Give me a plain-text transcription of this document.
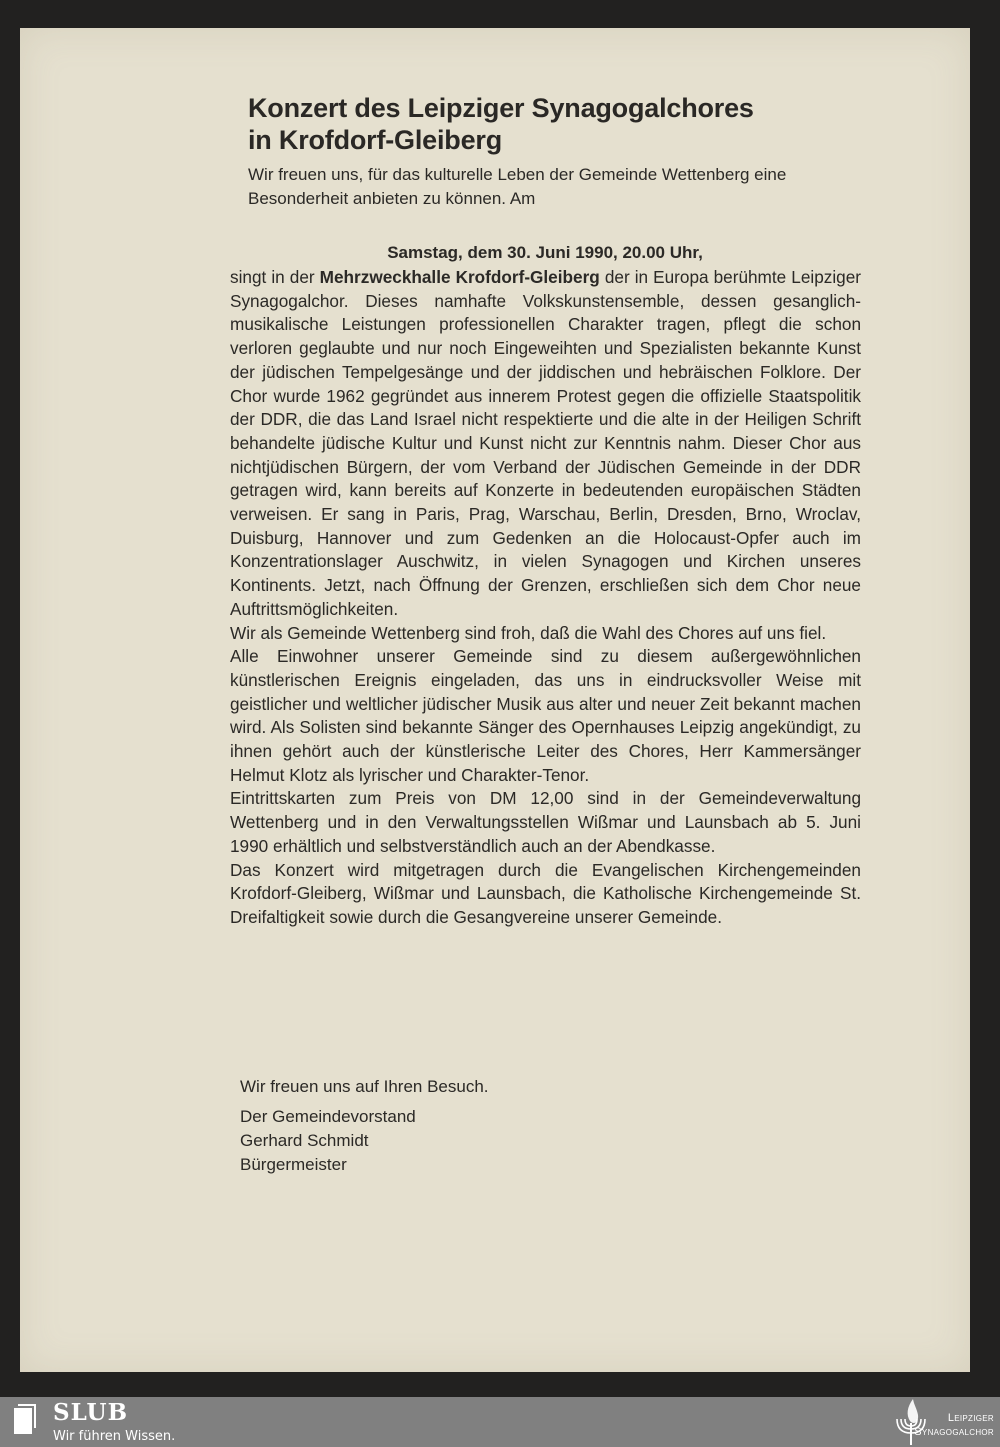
Konzert des Leipziger Synagogalchores
in Krofdorf-Gleiberg
Wir freuen uns, für das kulturelle Leben der Gemeinde Wettenberg eine Besonderheit anbieten zu können. Am
Samstag, dem 30. Juni 1990, 20.00 Uhr,

singt in der Mehrzweckhalle Krofdorf-Gleiberg der in Europa berühmte Leipziger Synagogalchor. Dieses namhafte Volkskunstensemble, dessen gesanglich-musikalische Leistungen professionellen Charakter tragen, pflegt die schon verloren geglaubte und nur noch Eingeweihten und Spezialisten bekannte Kunst der jüdischen Tempelgesänge und der jiddischen und hebräischen Folklore. Der Chor wurde 1962 gegründet aus innerem Protest gegen die offizielle Staatspolitik der DDR, die das Land Israel nicht respektierte und die alte in der Heiligen Schrift behandelte jüdische Kultur und Kunst nicht zur Kenntnis nahm. Dieser Chor aus nichtjüdischen Bürgern, der vom Verband der Jüdischen Gemeinde in der DDR getragen wird, kann bereits auf Konzerte in bedeutenden europäischen Städten verweisen. Er sang in Paris, Prag, Warschau, Berlin, Dresden, Brno, Wroclav, Duisburg, Hannover und zum Gedenken an die Holocaust-Opfer auch im Konzentrationslager Auschwitz, in vielen Synagogen und Kirchen unseres Kontinents. Jetzt, nach Öffnung der Grenzen, erschließen sich dem Chor neue Auftrittsmöglichkeiten.

Wir als Gemeinde Wettenberg sind froh, daß die Wahl des Chores auf uns fiel.

Alle Einwohner unserer Gemeinde sind zu diesem außergewöhnlichen künstlerischen Ereignis eingeladen, das uns in eindrucksvoller Weise mit geistlicher und weltlicher jüdischer Musik aus alter und neuer Zeit bekannt machen wird. Als Solisten sind bekannte Sänger des Opernhauses Leipzig angekündigt, zu ihnen gehört auch der künstlerische Leiter des Chores, Herr Kammersänger Helmut Klotz als lyrischer und Charakter-Tenor.

Eintrittskarten zum Preis von DM 12,00 sind in der Gemeindeverwaltung Wettenberg und in den Verwaltungsstellen Wißmar und Launsbach ab 5. Juni 1990 erhältlich und selbstverständlich auch an der Abendkasse.

Das Konzert wird mitgetragen durch die Evangelischen Kirchengemeinden Krofdorf-Gleiberg, Wißmar und Launsbach, die Katholische Kirchengemeinde St. Dreifaltigkeit sowie durch die Gesangvereine unserer Gemeinde.

Wir freuen uns auf Ihren Besuch.
Der Gemeindevorstand
Gerhard Schmidt
Bürgermeister
SLUB
Wir führen Wissen.
Leipziger
Synagogalchor
